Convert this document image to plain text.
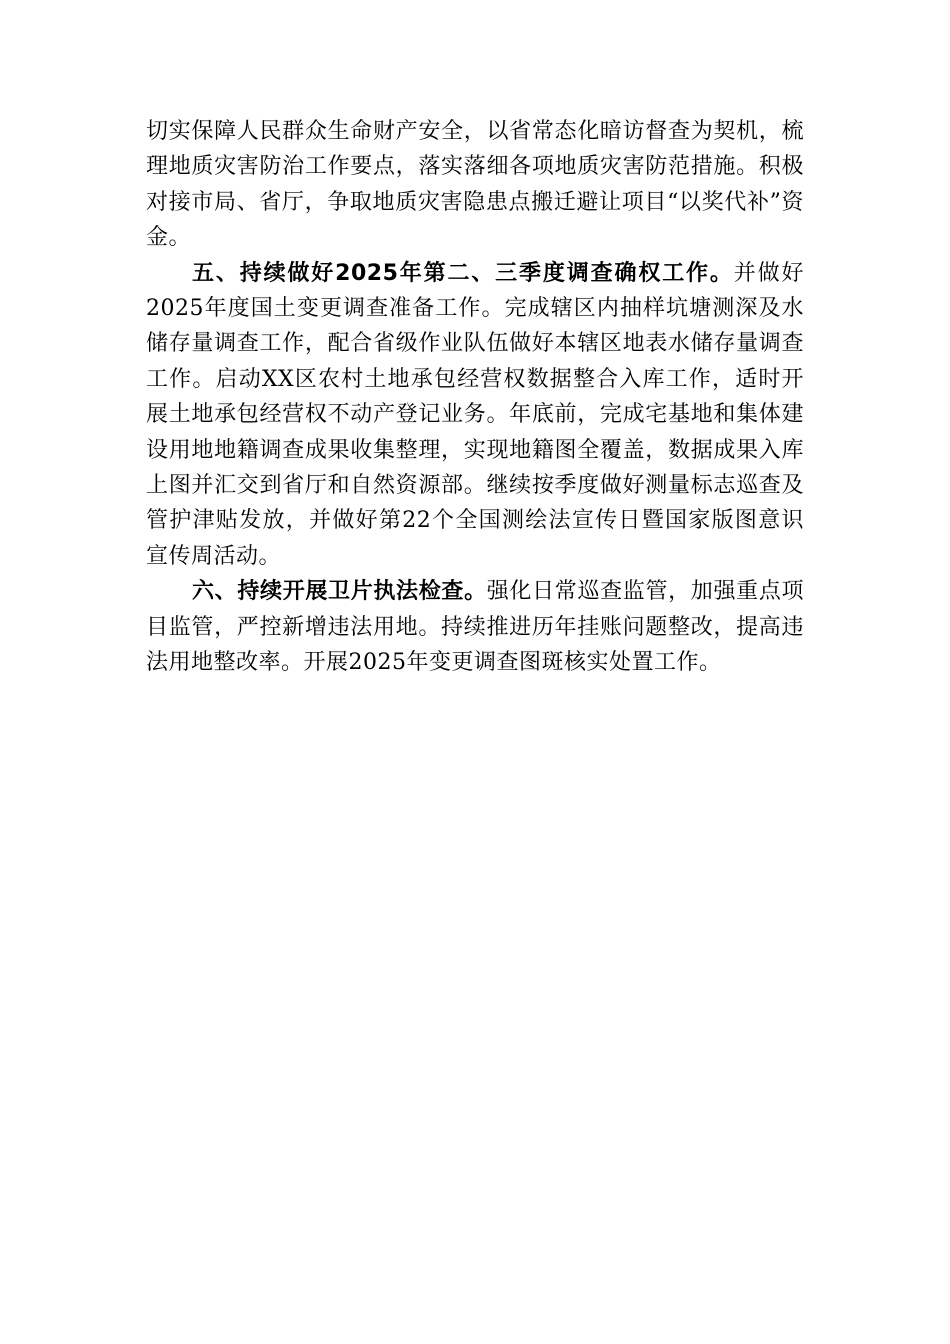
切实保障人民群众生命财产安全，以省常态化暗访督查为契机，梳理地质灾害防治工作要点，落实落细各项地质灾害防范措施。积极对接市局、省厅，争取地质灾害隐患点搬迁避让项目“以奖代补”资金。

五、持续做好2025年第二、三季度调查确权工作。并做好2025年度国土变更调查准备工作。完成辖区内抽样坑塘测深及水储存量调查工作，配合省级作业队伍做好本辖区地表水储存量调查工作。启动XX区农村土地承包经营权数据整合入库工作，适时开展土地承包经营权不动产登记业务。年底前，完成宅基地和集体建设用地地籍调查成果收集整理，实现地籍图全覆盖，数据成果入库上图并汇交到省厅和自然资源部。继续按季度做好测量标志巡查及管护津贴发放，并做好第22个全国测绘法宣传日暨国家版图意识宣传周活动。

六、持续开展卫片执法检查。强化日常巡查监管，加强重点项目监管，严控新增违法用地。持续推进历年挂账问题整改，提高违法用地整改率。开展2025年变更调查图斑核实处置工作。
